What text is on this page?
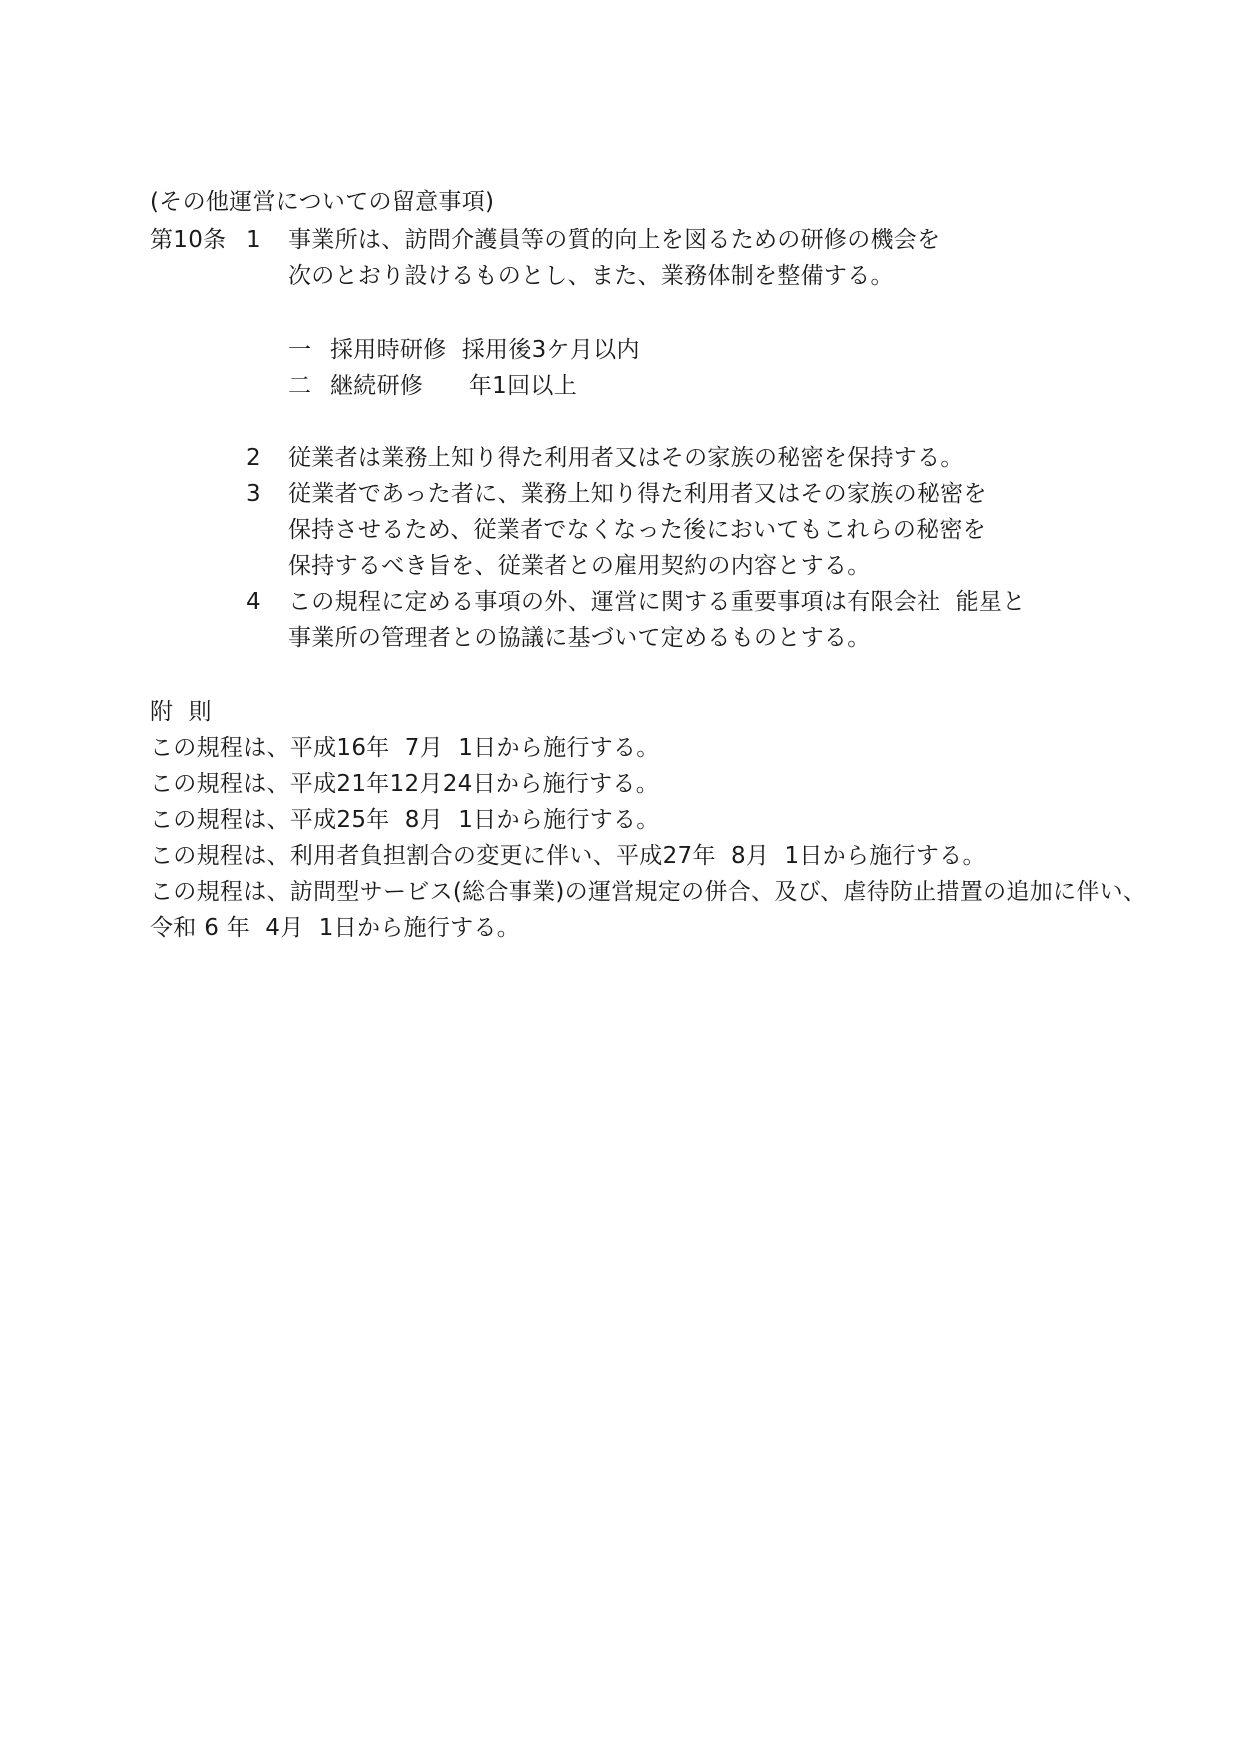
(その他運営についての留意事項)
第10条 1 事業所は、訪問介護員等の質的向上を図るための研修の機会を
次のとおり設けるものとし、また、業務体制を整備する。
一 採用時研修  採用後3ケ月以内
二 継続研修      年1回以上
2 従業者は業務上知り得た利用者又はその家族の秘密を保持する。
3 従業者であった者に、業務上知り得た利用者又はその家族の秘密を
保持させるため、従業者でなくなった後においてもこれらの秘密を
保持するべき旨を、従業者との雇用契約の内容とする。
4 この規程に定める事項の外、運営に関する重要事項は有限会社  能星と
事業所の管理者との協議に基づいて定めるものとする。
附  則
この規程は、平成16年  7月  1日から施行する。
この規程は、平成21年12月24日から施行する。
この規程は、平成25年  8月  1日から施行する。
この規程は、利用者負担割合の変更に伴い、平成27年  8月  1日から施行する。
この規程は、訪問型サービス(総合事業)の運営規定の併合、及び、虐待防止措置の追加に伴い、
令和 6 年  4月  1日から施行する。
